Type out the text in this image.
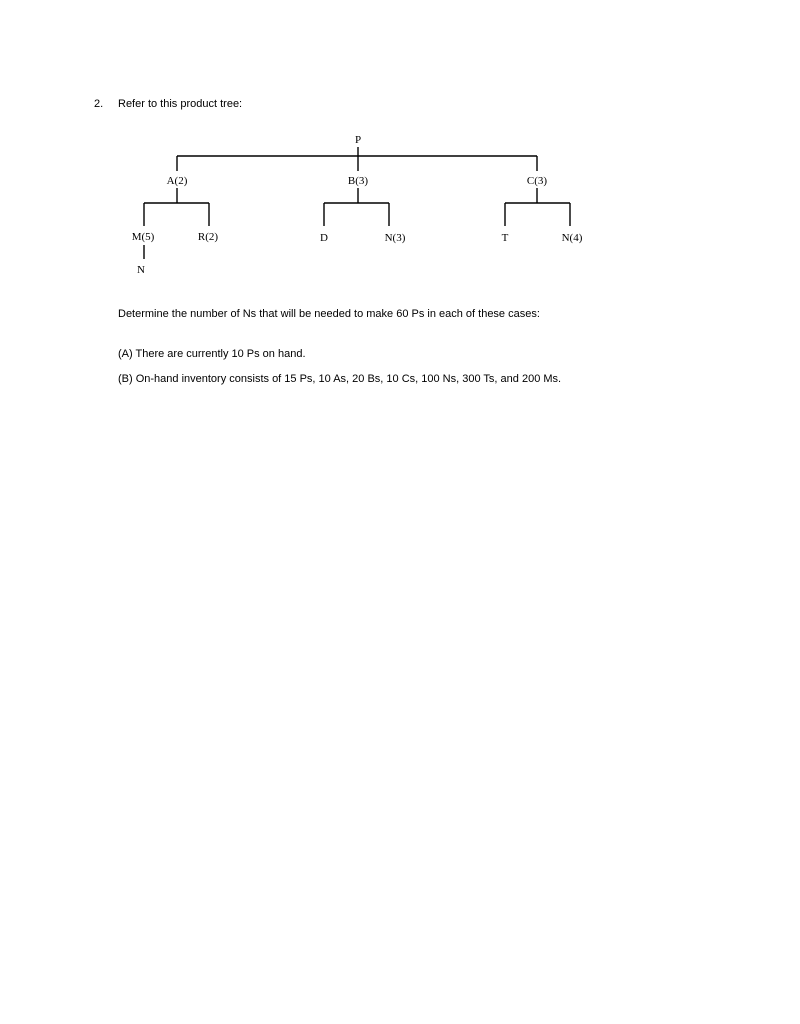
2. Refer to this product tree:
P
A(2)	B(3)	C(3)
M(5)	R(2)
N
D	N(3)	T	N(4)
Determine the number of Ns that will be needed to make 60 Ps in each of these cases:
(A) There are currently 10 Ps on hand.
(B) On-hand inventory consists of 15 Ps, 10 As, 20 Bs, 10 Cs, 100 Ns, 300 Ts, and 200 Ms.
